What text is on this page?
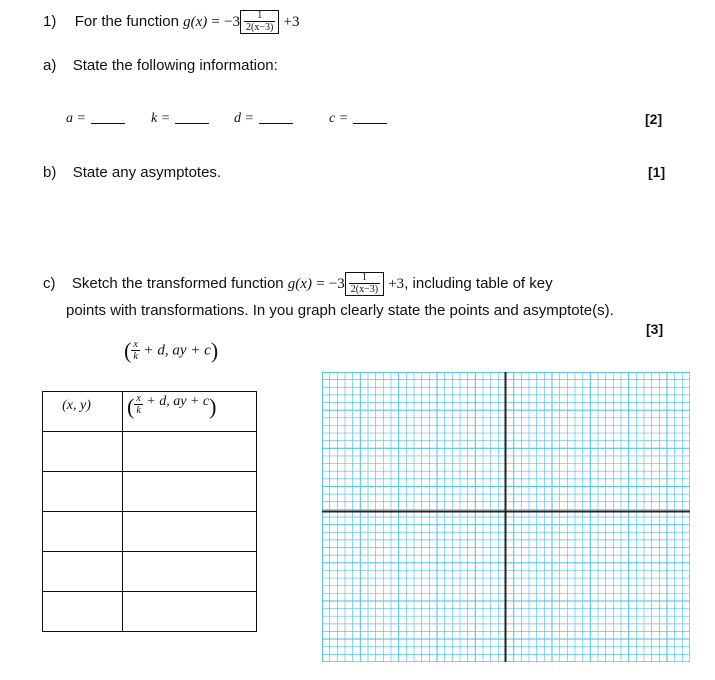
1) For the function $g(x) = -3 \frac{1}{2(x-3)} +3$
a) State the following information:
a =	k =	d =	c =	[2]
b) State any asymptotes.	[1]
c) Sketch the transformed function $g(x) = -3 \frac{1}{2(x-3)} +3$, including table of key
points with transformations. In you graph clearly state the points and asymptote(s).
[3]
( $\frac{x}{k} + d$, ay + c)
(x, y)	( $\frac{x}{k}$
+ d, ay + c )
